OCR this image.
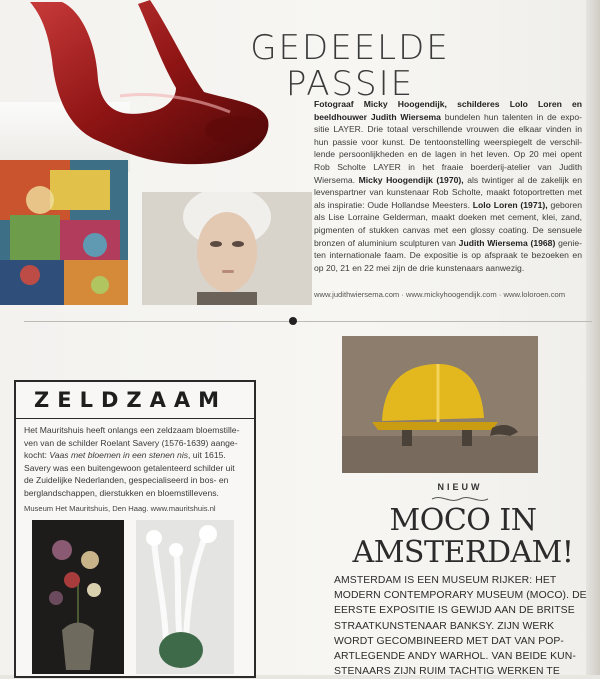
GEDEELDE
PASSIE
Fotograaf Micky Hoogendijk, schilderes Lolo Loren en beeldhouwer Judith Wiersema bundelen hun talenten in de expositie LAYER. Drie totaal verschillende vrouwen die elkaar vinden in hun passie voor kunst. De tentoonstelling weerspiegelt de verschillende persoonlijkheden en de lagen in het leven. Op 20 mei opent Rob Scholte LAYER in het fraaie boerderij-atelier van Judith Wiersema. Micky Hoogendijk (1970), als twintiger al de zakelijk en levenspartner van kunstenaar Rob Scholte, maakt fotoportretten met als inspiratie: Oude Hollandse Meesters. Lolo Loren (1971), geboren als Lise Lorraine Gelderman, maakt doeken met cement, klei, zand, pigmenten of stukken canvas met een glossy coating. De sensuele bronzen of aluminium sculpturen van Judith Wiersema (1968) genieten internationale faam. De expositie is op afspraak te bezoeken en op 20, 21 en 22 mei zijn de drie kunstenaars aanwezig.
www.judithwiersema.com · www.mickyhoogendijk.com · www.loloroen.com
ZELDZAAM
Het Mauritshuis heeft onlangs een zeldzaam bloemstilleven van de schilder Roelant Savery (1576-1639) aangekocht: Vaas met bloemen in een stenen nis, uit 1615. Savery was een buitengewoon getalenteerd schilder uit de Zuidelijke Nederlanden, gespecialiseerd in bos- en berglandschappen, dierstukken en bloemstillevens.
Museum Het Mauritshuis, Den Haag. www.mauritshuis.nl
NIEUW
MOCO IN
AMSTERDAM!
AMSTERDAM IS EEN MUSEUM RIJKER: HET
MODERN CONTEMPORARY MUSEUM (MOCO). DE
EERSTE EXPOSITIE IS GEWIJD AAN DE BRITSE
STRAATKUNSTENAAR BANKSY. ZIJN WERK
WORDT GECOMBINEERD MET DAT VAN POP-
ARTLEGENDE ANDY WARHOL. VAN BEIDE KUN-
STENAARS ZIJN RUIM TACHTIG WERKEN TE
